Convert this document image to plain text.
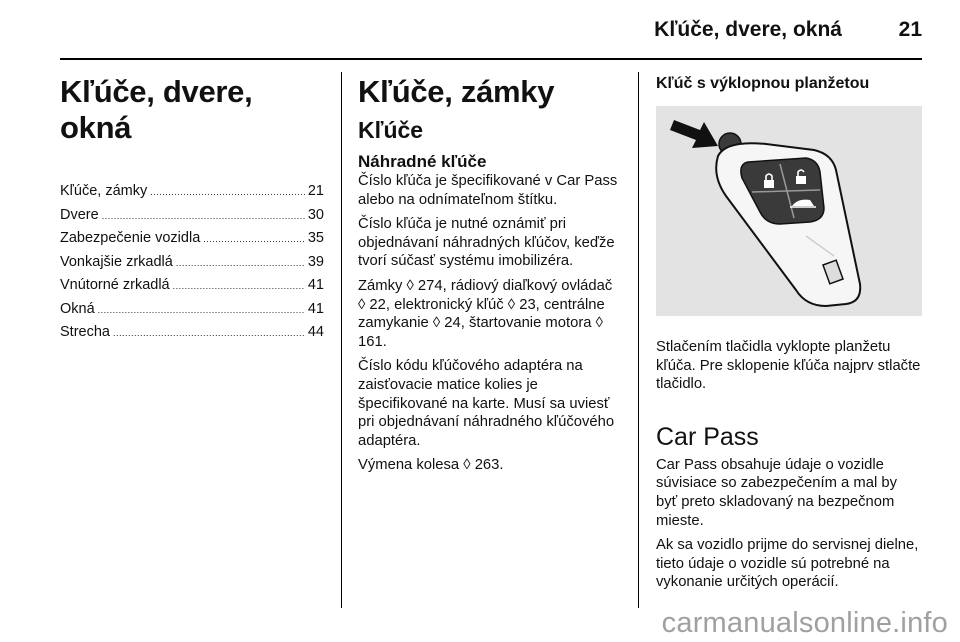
Kľúče, dvere, okná	21
Kľúče, dvere, okná
Kľúče, zámky . . .	21
Dvere . . .	30
Zabezpečenie vozidla . . .	35
Vonkajšie zrkadlá . . .	39
Vnútorné zrkadlá . . .	41
Okná . . .	41
Strecha . . .	44
Kľúče, zámky
Kľúče
Náhradné kľúče

Číslo kľúča je špecifikované v Car Pass alebo na odnímateľnom štítku.

Číslo kľúča je nutné oznámiť pri objednávaní náhradných kľúčov, keďže tvorí súčasť systému imobilizéra.

Zámky ◊ 274, rádiový diaľkový ovládač ◊ 22, elektronický kľúč ◊ 23, centrálne zamykanie ◊ 24, štartovanie motora ◊ 161.

Číslo kódu kľúčového adaptéra na zaisťovacie matice kolies je špecifikované na karte. Musí sa uviesť pri objednávaní náhradného kľúčového adaptéra.

Výmena kolesa ◊ 263.

Kľúč s výklopnou planžetou

Stlačením tlačidla vyklopte planžetu kľúča. Pre sklopenie kľúča najprv stlačte tlačidlo.

Car Pass

Car Pass obsahuje údaje o vozidle súvisiace so zabezpečením a mal by byť preto skladovaný na bezpečnom mieste.

Ak sa vozidlo prijme do servisnej dielne, tieto údaje o vozidle sú potrebné na vykonanie určitých operácií.

carmanualsonline.info
